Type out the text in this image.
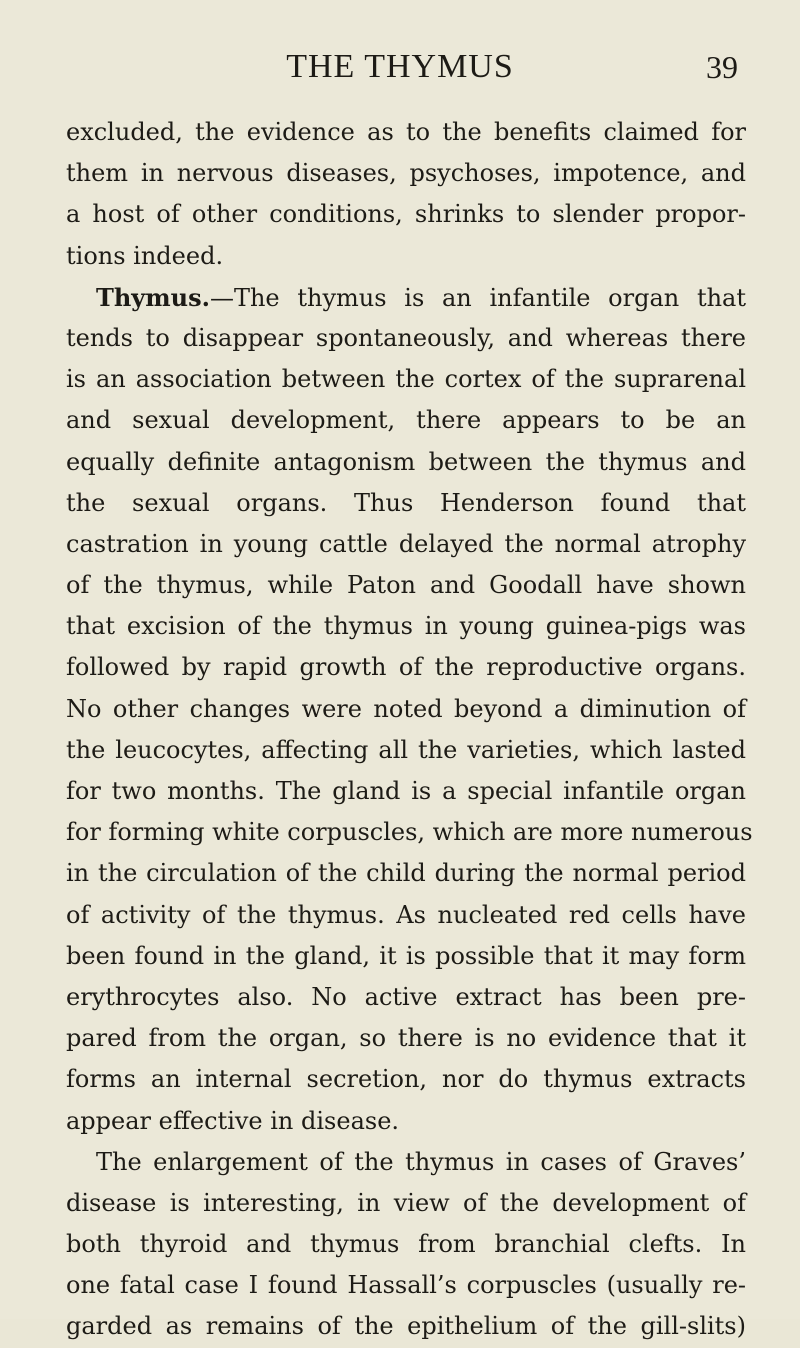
THE THYMUS	39
excluded, the evidence as to the benefits claimed for
them in nervous diseases, psychoses, impotence, and
a host of other conditions, shrinks to slender propor-
tions indeed.
Thymus.—The thymus is an infantile organ that
tends to disappear spontaneously, and whereas there
is an association between the cortex of the suprarenal
and sexual development, there appears to be an
equally definite antagonism between the thymus and
the sexual organs. Thus Henderson found that
castration in young cattle delayed the normal atrophy
of the thymus, while Paton and Goodall have shown
that excision of the thymus in young guinea-pigs was
followed by rapid growth of the reproductive organs.
No other changes were noted beyond a diminution of
the leucocytes, affecting all the varieties, which lasted
for two months. The gland is a special infantile organ
for forming white corpuscles, which are more numerous
in the circulation of the child during the normal period
of activity of the thymus. As nucleated red cells have
been found in the gland, it is possible that it may form
erythrocytes also. No active extract has been pre-
pared from the organ, so there is no evidence that it
forms an internal secretion, nor do thymus extracts
appear effective in disease.
The enlargement of the thymus in cases of Graves’
disease is interesting, in view of the development of
both thyroid and thymus from branchial clefts. In
one fatal case I found Hassall’s corpuscles (usually re-
garded as remains of the epithelium of the gill-slits)
